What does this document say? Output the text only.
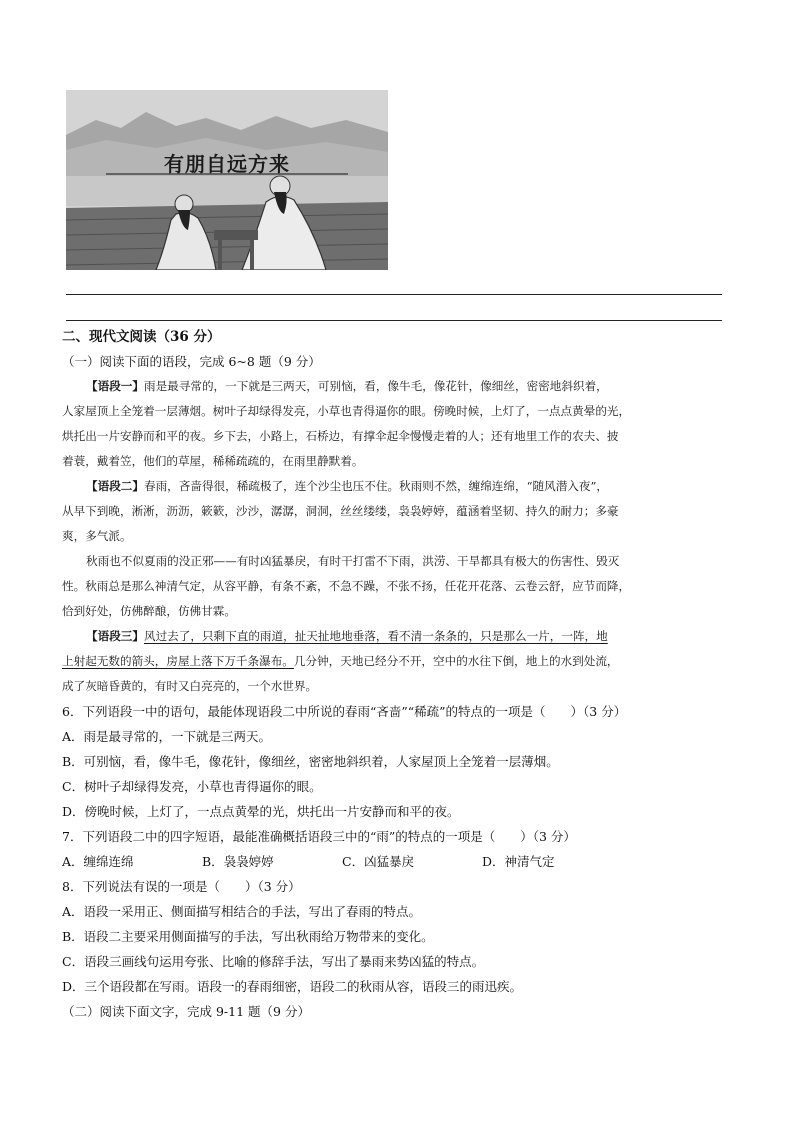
有朋自远方来
二、现代文阅读（36 分）
（一）阅读下面的语段，完成 6~8 题（9 分）
【语段一】雨是最寻常的，一下就是三两天，可别恼，看，像牛毛，像花针，像细丝，密密地斜织着，
人家屋顶上全笼着一层薄烟。树叶子却绿得发亮，小草也青得逼你的眼。傍晚时候，上灯了，一点点黄晕的光，
烘托出一片安静而和平的夜。乡下去，小路上，石桥边，有撑伞起伞慢慢走着的人；还有地里工作的农夫、披
着蓑，戴着笠，他们的草屋，稀稀疏疏的，在雨里静默着。
【语段二】春雨，吝啬得很，稀疏极了，连个沙尘也压不住。秋雨则不然，缠绵连绵，“随风潜入夜”，
从早下到晚，淅淅，沥沥，簌簌，沙沙，潺潺，洞洞，丝丝缕缕，袅袅婷婷，蕴涵着坚韧、持久的耐力；多豪
爽，多气派。
秋雨也不似夏雨的没正邪——有时凶猛暴戾，有时干打雷不下雨，洪涝、干旱都具有极大的伤害性、毁灭
性。秋雨总是那么神清气定，从容平静，有条不紊，不急不躁，不张不扬，任花开花落、云卷云舒，应节而降，
恰到好处，仿佛醉酿，仿佛甘霖。
【语段三】风过去了，只剩下直的雨道，扯天扯地地垂落，看不清一条条的，只是那么一片，一阵，地
上射起无数的箭头，房屋上落下万千条瀑布。几分钟，天地已经分不开，空中的水往下倒，地上的水到处流，
成了灰暗昏黄的，有时又白亮亮的，一个水世界。
6．下列语段一中的语句，最能体现语段二中所说的春雨“吝啬”“稀疏”的特点的一项是（　　）（3 分）
A．雨是最寻常的，一下就是三两天。
B．可别恼，看，像牛毛，像花针，像细丝，密密地斜织着，人家屋顶上全笼着一层薄烟。
C．树叶子却绿得发亮，小草也青得逼你的眼。
D．傍晚时候，上灯了，一点点黄晕的光，烘托出一片安静而和平的夜。
7．下列语段二中的四字短语，最能准确概括语段三中的“雨”的特点的一项是（　　）（3 分）
A．缠绵连绵	B．袅袅婷婷	C．凶猛暴戾	D．神清气定
8．下列说法有误的一项是（　　）（3 分）
A．语段一采用正、侧面描写相结合的手法，写出了春雨的特点。
B．语段二主要采用侧面描写的手法，写出秋雨给万物带来的变化。
C．语段三画线句运用夸张、比喻的修辞手法，写出了暴雨来势凶猛的特点。
D．三个语段都在写雨。语段一的春雨细密，语段二的秋雨从容，语段三的雨迅疾。
（二）阅读下面文字，完成 9-11 题（9 分）
